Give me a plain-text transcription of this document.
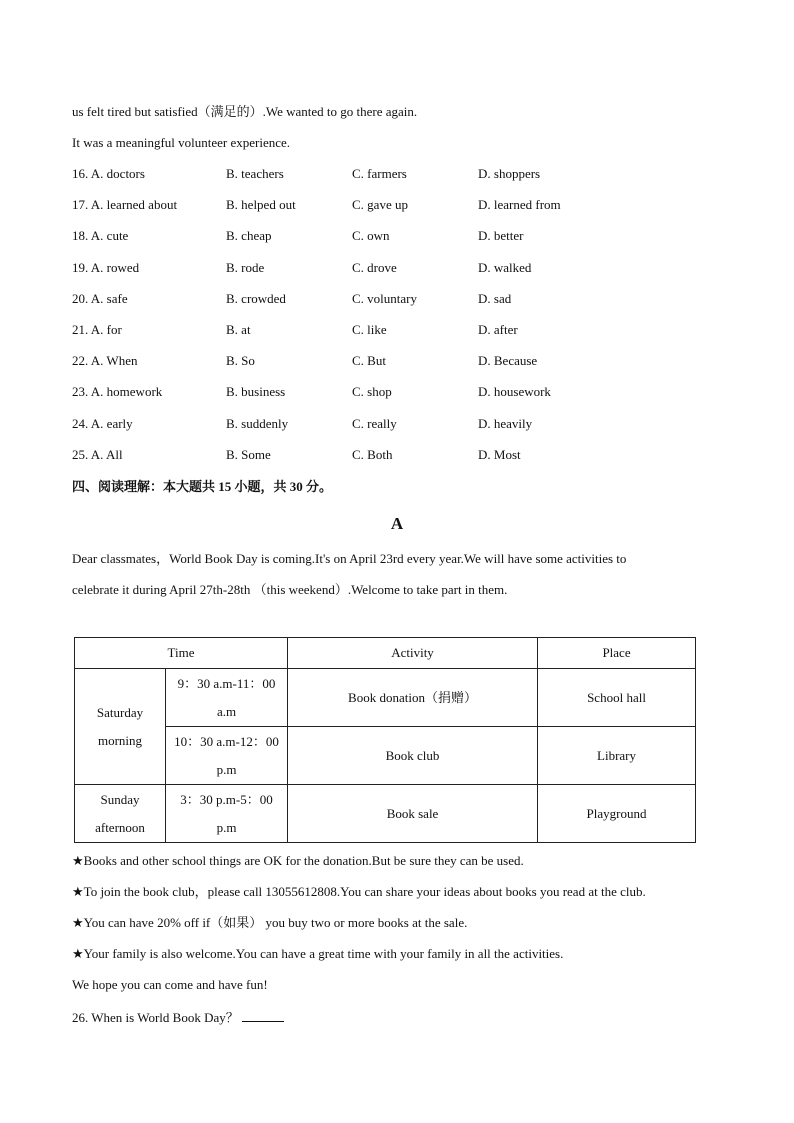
us felt tired but satisfied（满足的）.We wanted to go there again.
It was a meaningful volunteer experience.
16. A. doctors	B. teachers	C. farmers	D. shoppers
17. A. learned about	B. helped out	C. gave up	D. learned from
18. A. cute	B. cheap	C. own	D. better
19. A. rowed	B. rode	C. drove	D. walked
20. A. safe	B. crowded	C. voluntary	D. sad
21. A. for	B. at	C. like	D. after
22. A. When	B. So	C. But	D. Because
23. A. homework	B. business	C. shop	D. housework
24. A. early	B. suddenly	C. really	D. heavily
25. A. All	B. Some	C. Both	D. Most
四、阅读理解：本大题共 15 小题，共 30 分。
A
Dear classmates，World Book Day is coming.It's on April 23rd every year.We will have some activities to
celebrate it during April 27th-28th （this weekend）.Welcome to take part in them.
Time		Activity	Place
Saturday morning	9：30 a.m-11：00 a.m	Book donation（捐赠）	School hall
	10：30 a.m-12：00 p.m	Book club	Library
Sunday afternoon	3：30 p.m-5：00 p.m	Book sale	Playground
★Books and other school things are OK for the donation.But be sure they can be used.
★To join the book club，please call 13055612808.You can share your ideas about books you read at the club.
★You can have 20% off if（如果） you buy two or more books at the sale.
★Your family is also welcome.You can have a great time with your family in all the activities.
We hope you can come and have fun!
26. When is World Book Day？
